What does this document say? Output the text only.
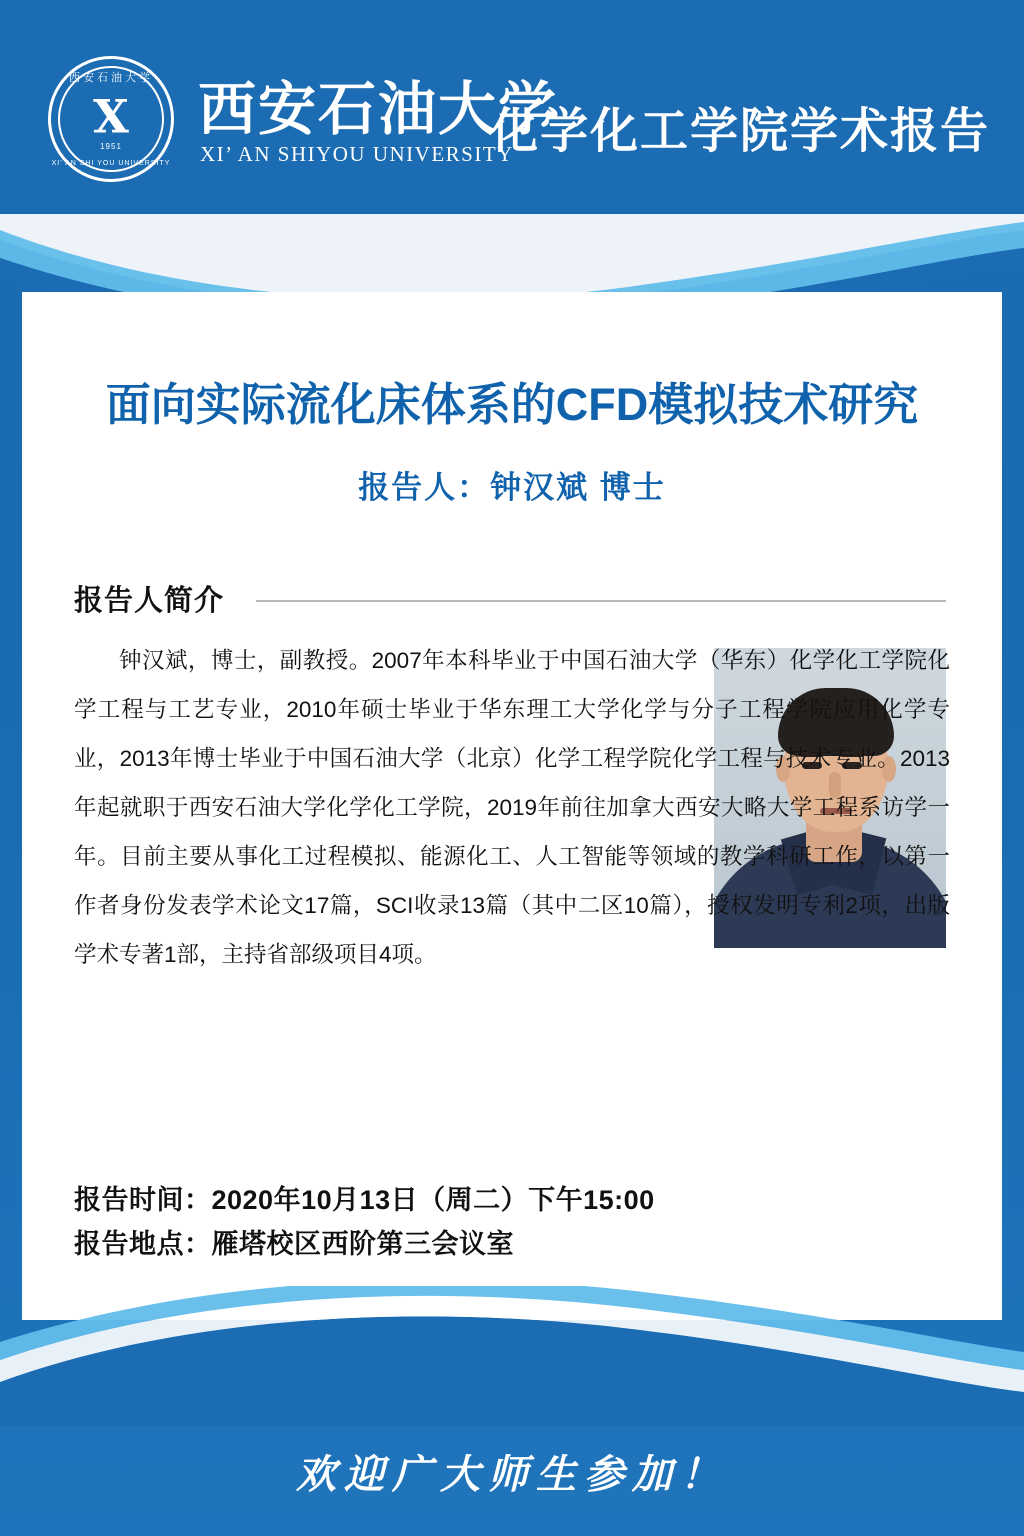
西安石油大学
X
1951
XI’ AN SHI YOU UNIVERSITY
西安石油大学
XI’ AN SHIYOU UNIVERSITY
化学化工学院学术报告
面向实际流化床体系的CFD模拟技术研究
报告人：钟汉斌 博士
报告人简介

钟汉斌，博士，副教授。2007年本科毕业于中国石油大学（华东）化学化工学院化学工程与工艺专业，2010年硕士毕业于华东理工大学化学与分子工程学院应用化学专业，2013年博士毕业于中国石油大学（北京）化学工程学院化学工程与技术专业。2013年起就职于西安石油大学化学化工学院，2019年前往加拿大西安大略大学工程系访学一年。目前主要从事化工过程模拟、能源化工、人工智能等领域的教学科研工作，以第一作者身份发表学术论文17篇，SCI收录13篇（其中二区10篇），授权发明专利2项，出版学术专著1部，主持省部级项目4项。

报告时间：2020年10月13日（周二）下午15:00
报告地点：雁塔校区西阶第三会议室
欢迎广大师生参加！
